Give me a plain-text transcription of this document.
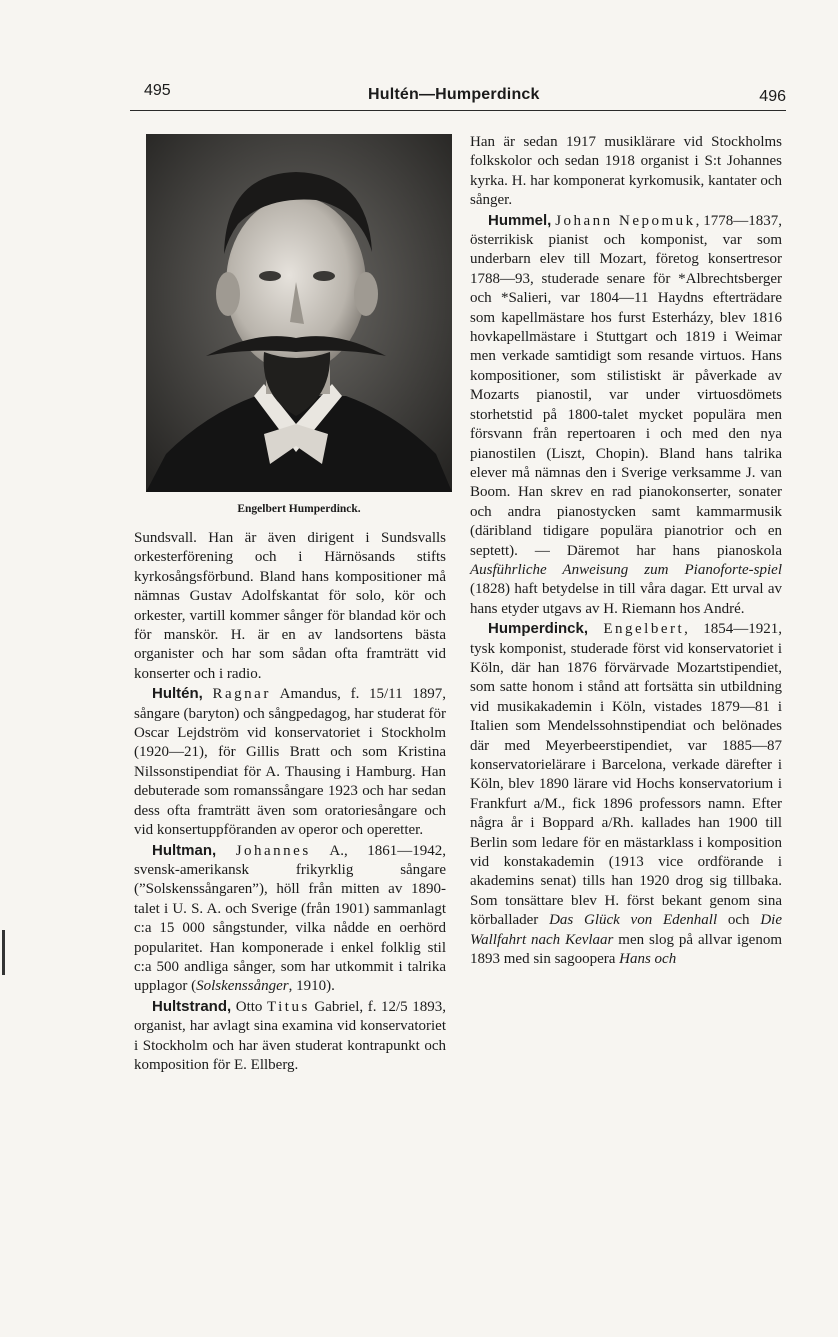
495	Hultén—Humperdinck	496
Engelbert Humperdinck.

Sundsvall. Han är även dirigent i Sundsvalls orkesterförening och i Härnösands stifts kyrkosångsförbund. Bland hans kompositioner må nämnas Gustav Adolfskantat för solo, kör och orkester, vartill kommer sånger för blandad kör och för manskör. H. är en av landsortens bästa organister och har som sådan ofta framträtt vid konserter och i radio.

Hultén, Ragnar Amandus, f. 15/11 1897, sångare (baryton) och sångpedagog, har studerat för Oscar Lejdström vid konservatoriet i Stockholm (1920—21), för Gillis Bratt och som Kristina Nilssonstipendiat för A. Thausing i Hamburg. Han debuterade som romanssångare 1923 och har sedan dess ofta framträtt även som oratoriesångare och vid konsertuppföranden av operor och operetter.

Hultman, Johannes A., 1861—1942, svensk-amerikansk frikyrklig sångare (”Solskenssångaren”), höll från mitten av 1890-talet i U. S. A. och Sverige (från 1901) sammanlagt c:a 15 000 sångstunder, vilka nådde en oerhörd popularitet. Han komponerade i enkel folklig stil c:a 500 andliga sånger, som har utkommit i talrika upplagor (Solskenssånger, 1910).

Hultstrand, Otto Titus Gabriel, f. 12/5 1893, organist, har avlagt sina examina vid konservatoriet i Stockholm och har även studerat kontrapunkt och komposition för E. Ellberg.

Han är sedan 1917 musiklärare vid Stockholms folkskolor och sedan 1918 organist i S:t Johannes kyrka. H. har komponerat kyrkomusik, kantater och sånger.

Hummel, Johann Nepomuk, 1778—1837, österrikisk pianist och komponist, var som underbarn elev till Mozart, företog konsertresor 1788—93, studerade senare för *Albrechtsberger och *Salieri, var 1804—11 Haydns efterträdare som kapellmästare hos furst Esterházy, blev 1816 hovkapellmästare i Stuttgart och 1819 i Weimar men verkade samtidigt som resande virtuos. Hans kompositioner, som stilistiskt är påverkade av Mozarts pianostil, var under virtuosdömets storhetstid på 1800-talet mycket populära men försvann från repertoaren i och med den nya pianostilen (Liszt, Chopin). Bland hans talrika elever må nämnas den i Sverige verksamme J. van Boom. Han skrev en rad pianokonserter, sonater och andra pianostycken samt kammarmusik (däribland tidigare populära pianotrior och en septett). — Däremot har hans pianoskola Ausführliche Anweisung zum Pianoforte-spiel (1828) haft betydelse in till våra dagar. Ett urval av hans etyder utgavs av H. Riemann hos André.

Humperdinck, Engelbert, 1854—1921, tysk komponist, studerade först vid konservatoriet i Köln, där han 1876 förvärvade Mozartstipendiet, som satte honom i stånd att fortsätta sin utbildning vid musikakademin i Köln, vistades 1879—81 i Italien som Mendelssohnstipendiat och belönades där med Meyerbeerstipendiet, var 1885—87 konservatorielärare i Barcelona, verkade därefter i Köln, blev 1890 lärare vid Hochs konservatorium i Frankfurt a/M., fick 1896 professors namn. Efter några år i Boppard a/Rh. kallades han 1900 till Berlin som ledare för en mästarklass i komposition vid konstakademin (1913 vice ordförande i akademins senat) tills han 1920 drog sig tillbaka. Som tonsättare blev H. först bekant genom sina körballader Das Glück von Edenhall och Die Wallfahrt nach Kevlaar men slog på allvar igenom 1893 med sin sagoopera Hans och
